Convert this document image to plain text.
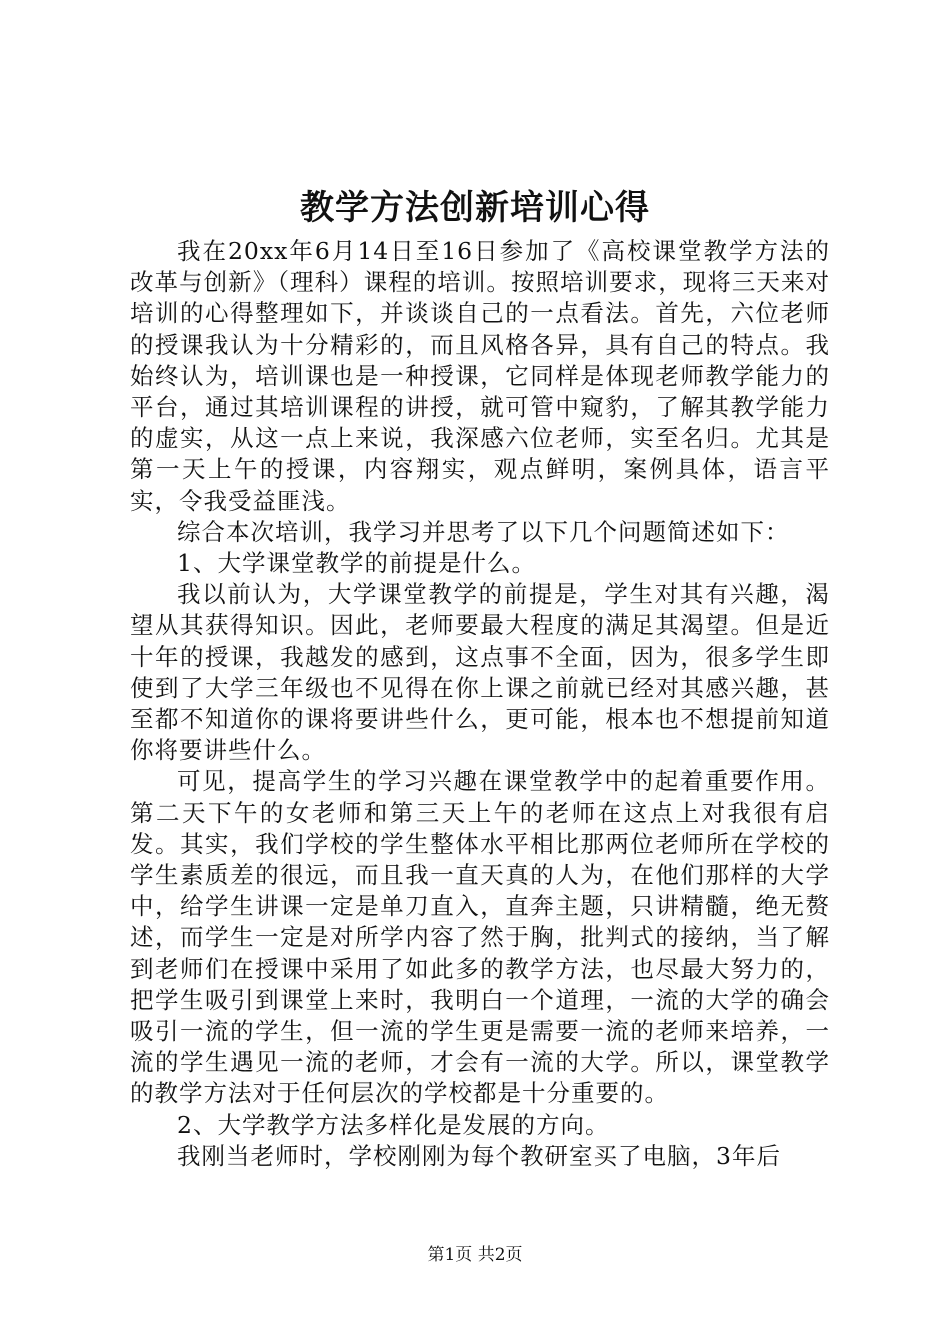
教学方法创新培训心得

我在20xx年6月14日至16日参加了《高校课堂教学方法的改革与创新》（理科）课程的培训。按照培训要求，现将三天来对培训的心得整理如下，并谈谈自己的一点看法。首先，六位老师的授课我认为十分精彩的，而且风格各异，具有自己的特点。我始终认为，培训课也是一种授课，它同样是体现老师教学能力的平台，通过其培训课程的讲授，就可管中窥豹，了解其教学能力的虚实，从这一点上来说，我深感六位老师，实至名归。尤其是第一天上午的授课，内容翔实，观点鲜明，案例具体，语言平实，令我受益匪浅。

综合本次培训，我学习并思考了以下几个问题简述如下：

1、大学课堂教学的前提是什么。

我以前认为，大学课堂教学的前提是，学生对其有兴趣，渴望从其获得知识。因此，老师要最大程度的满足其渴望。但是近十年的授课，我越发的感到，这点事不全面，因为，很多学生即使到了大学三年级也不见得在你上课之前就已经对其感兴趣，甚至都不知道你的课将要讲些什么，更可能，根本也不想提前知道你将要讲些什么。

可见，提高学生的学习兴趣在课堂教学中的起着重要作用。第二天下午的女老师和第三天上午的老师在这点上对我很有启发。其实，我们学校的学生整体水平相比那两位老师所在学校的学生素质差的很远，而且我一直天真的人为，在他们那样的大学中，给学生讲课一定是单刀直入，直奔主题，只讲精髓，绝无赘述，而学生一定是对所学内容了然于胸，批判式的接纳，当了解到老师们在授课中采用了如此多的教学方法，也尽最大努力的，把学生吸引到课堂上来时，我明白一个道理，一流的大学的确会吸引一流的学生，但一流的学生更是需要一流的老师来培养，一流的学生遇见一流的老师，才会有一流的大学。所以，课堂教学的教学方法对于任何层次的学校都是十分重要的。

2、大学教学方法多样化是发展的方向。

我刚当老师时，学校刚刚为每个教研室买了电脑，3年后

第1页 共2页
